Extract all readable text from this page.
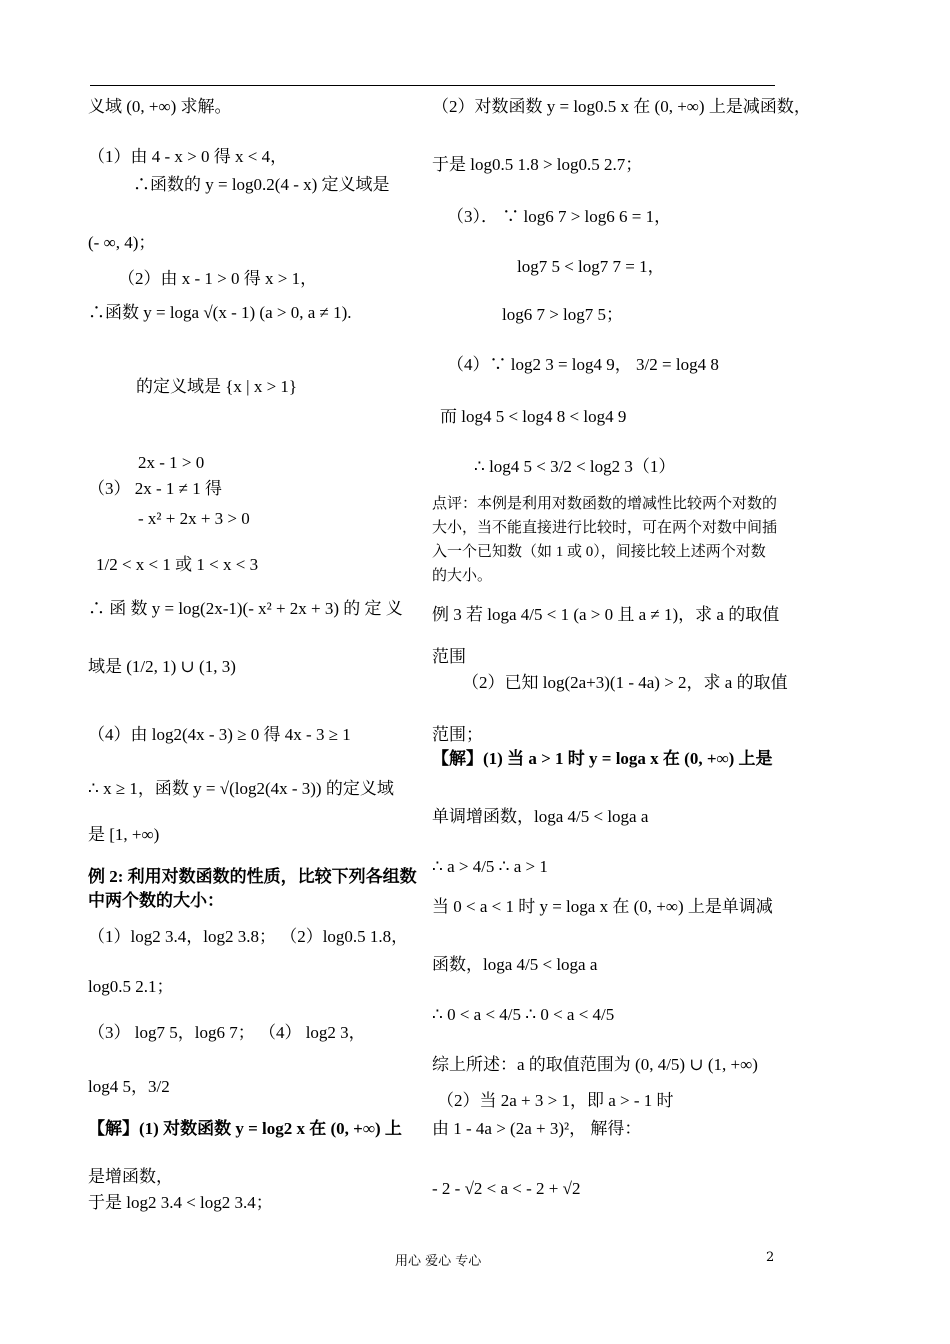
义域 (0, +∞) 求解。
（1）由 4 - x > 0 得 x < 4，
∴函数的 y = log0.2(4 - x) 定义域是
(- ∞, 4)；
（2）由 x - 1 > 0 得 x > 1，
∴函数 y = loga √(x - 1) (a > 0, a ≠ 1).
的定义域是 {x | x > 1}
2x - 1 > 0
（3） 2x - 1 ≠ 1 得
- x² + 2x + 3 > 0
1/2 < x < 1 或 1 < x < 3
∴ 函 数 y = log(2x-1)(- x² + 2x + 3) 的 定 义
域是 (1/2, 1) ∪ (1, 3)
（4）由 log2(4x - 3) ≥ 0 得 4x - 3 ≥ 1
∴ x ≥ 1，函数 y = √(log2(4x - 3)) 的定义域
是 [1, +∞)
例 2: 利用对数函数的性质，比较下列各组数
中两个数的大小：
（1）log2 3.4，log2 3.8； （2）log0.5 1.8，
log0.5 2.1；
（3） log7 5，log6 7； （4） log2 3，
log4 5，3/2
【解】(1) 对数函数 y = log2 x 在 (0, +∞) 上
是增函数，
于是 log2 3.4 < log2 3.4；
（2）对数函数 y = log0.5 x 在 (0, +∞) 上是减函数，
于是 log0.5 1.8 > log0.5 2.7；
（3）． ∵ log6 7 > log6 6 = 1，
log7 5 < log7 7 = 1，
log6 7 > log7 5；
（4）∵ log2 3 = log4 9， 3/2 = log4 8
而 log4 5 < log4 8 < log4 9
∴ log4 5 < 3/2 < log2 3（1）
点评：本例是利用对数函数的增减性比较两个对数的大小，当不能直接进行比较时，可在两个对数中间插入一个已知数（如 1 或 0），间接比较上述两个对数的大小。
例 3 若 loga 4/5 < 1 (a > 0 且 a ≠ 1)，求 a 的取值
范围
（2）已知 log(2a+3)(1 - 4a) > 2，求 a 的取值
范围；
【解】(1) 当 a > 1 时 y = loga x 在 (0, +∞) 上是
单调增函数，loga 4/5 < loga a
∴ a > 4/5 ∴ a > 1
当 0 < a < 1 时 y = loga x 在 (0, +∞) 上是单调减
函数，loga 4/5 < loga a
∴ 0 < a < 4/5 ∴ 0 < a < 4/5
综上所述：a 的取值范围为 (0, 4/5) ∪ (1, +∞)
（2）当 2a + 3 > 1，即 a > - 1 时
由 1 - 4a > (2a + 3)²， 解得：
- 2 - √2 < a < - 2 + √2
用心 爱心 专心	2
